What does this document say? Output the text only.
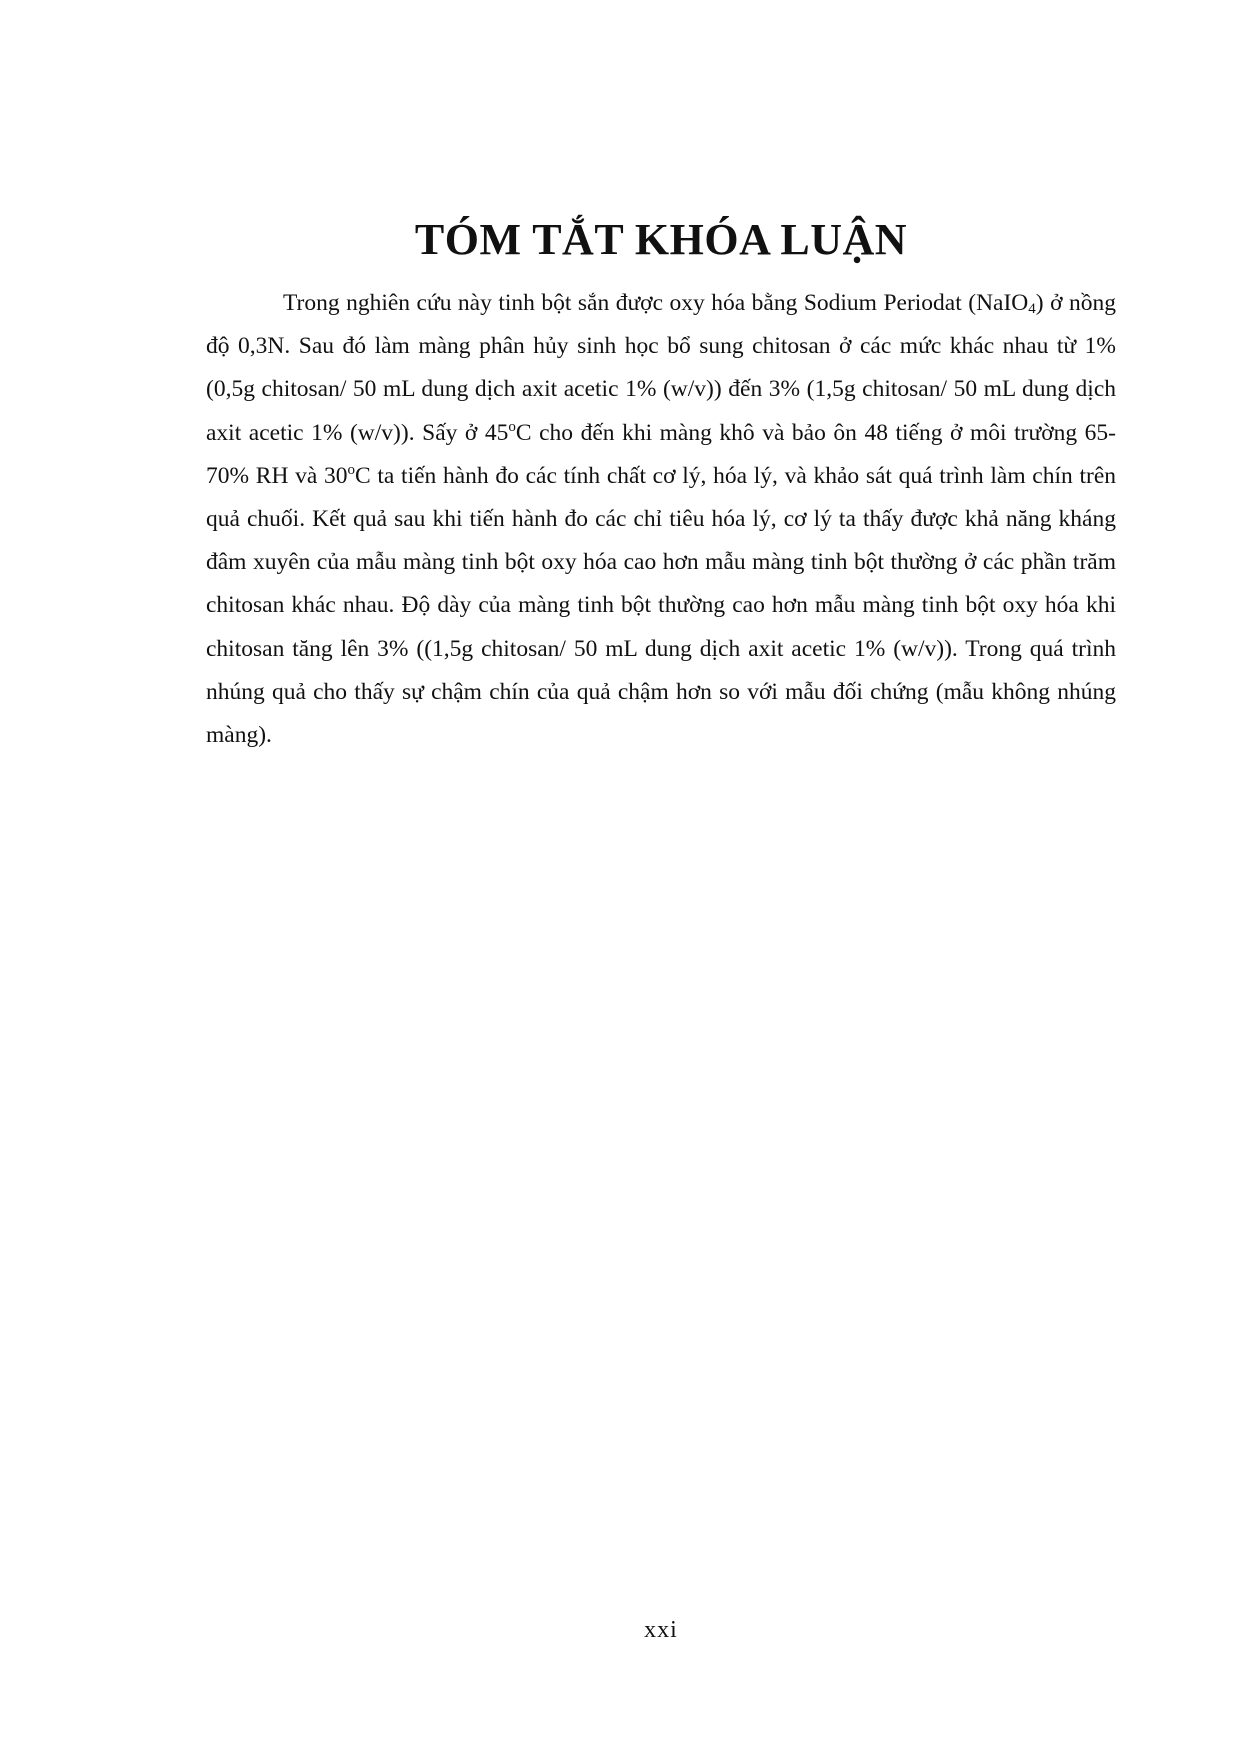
TÓM TẮT KHÓA LUẬN

Trong nghiên cứu này tinh bột sắn được oxy hóa bằng Sodium Periodat (NaIO$_4$) ở nồng độ 0,3N. Sau đó làm màng phân hủy sinh học bổ sung chitosan ở các mức khác nhau từ 1% (0,5g chitosan/ 50 mL dung dịch axit acetic 1% (w/v)) đến 3% (1,5g chitosan/ 50 mL dung dịch axit acetic 1% (w/v)). Sấy ở 45$^o$C cho đến khi màng khô và bảo ôn 48 tiếng ở môi trường 65-70% RH và 30$^o$C ta tiến hành đo các tính chất cơ lý, hóa lý, và khảo sát quá trình làm chín trên quả chuối. Kết quả sau khi tiến hành đo các chỉ tiêu hóa lý, cơ lý ta thấy được khả năng kháng đâm xuyên của mẫu màng tinh bột oxy hóa cao hơn mẫu màng tinh bột thường ở các phần trăm chitosan khác nhau. Độ dày của màng tinh bột thường cao hơn mẫu màng tinh bột oxy hóa khi chitosan tăng lên 3% ((1,5g chitosan/ 50 mL dung dịch axit acetic 1% (w/v)). Trong quá trình nhúng quả cho thấy sự chậm chín của quả chậm hơn so với mẫu đối chứng (mẫu không nhúng màng).

xxi
